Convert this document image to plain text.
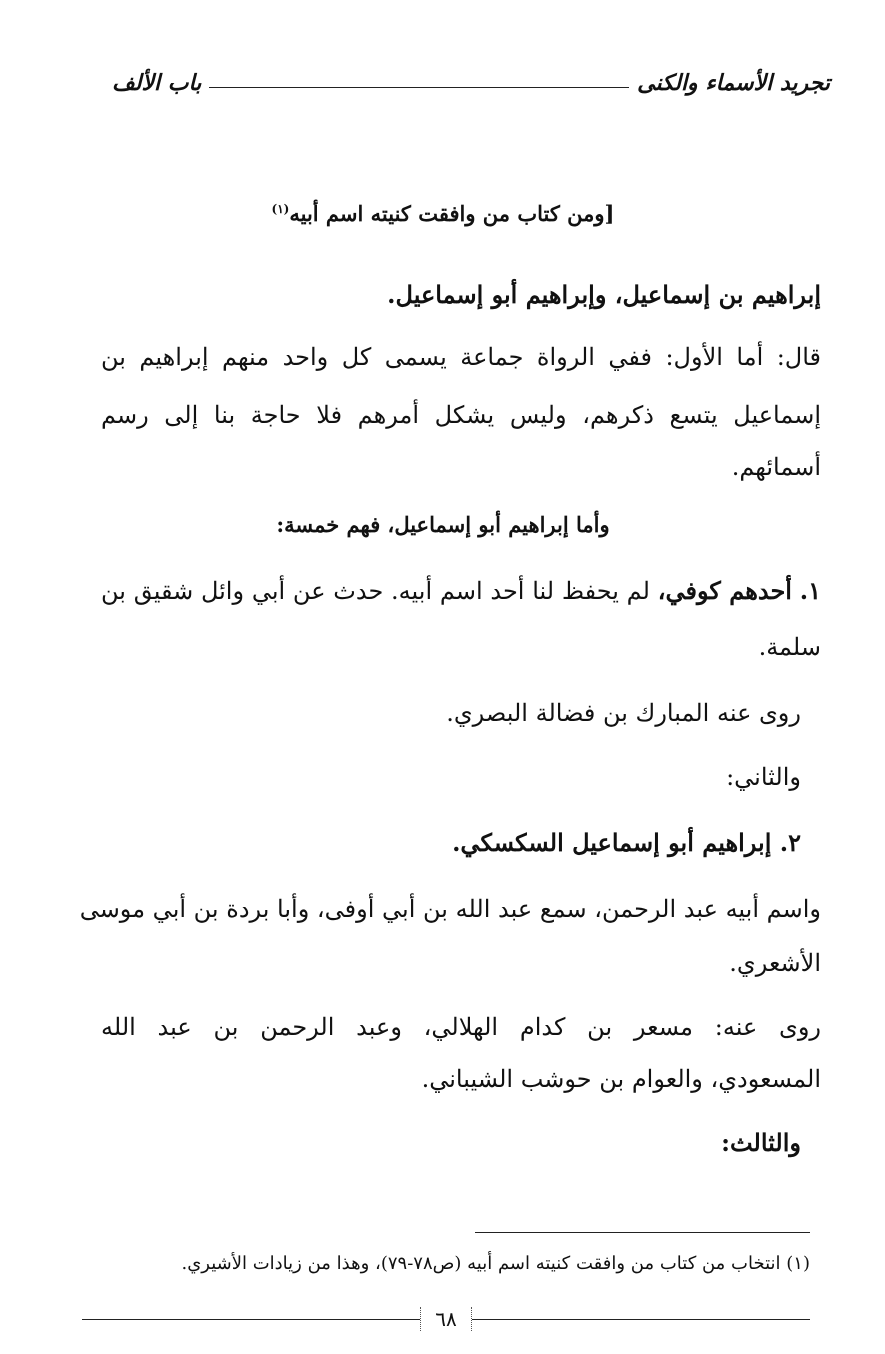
تجريد الأسماء والكنى
باب الألف
[ومن كتاب من وافقت كنيته اسم أبيه$^{(١)}$
إبراهيم بن إسماعيل، وإبراهيم أبو إسماعيل.
قال: أما الأول: ففي الرواة جماعة يسمى كل واحد منهم إبراهيم بن
إسماعيل يتسع ذكرهم، وليس يشكل أمرهم فلا حاجة بنا إلى رسم
أسمائهم.
وأما إبراهيم أبو إسماعيل، فهم خمسة:
١. أحدهم كوفي، لم يحفظ لنا أحد اسم أبيه. حدث عن أبي وائل شقيق بن
سلمة.
روى عنه المبارك بن فضالة البصري.
والثاني:
٢. إبراهيم أبو إسماعيل السكسكي.
واسم أبيه عبد الرحمن، سمع عبد الله بن أبي أوفى، وأبا بردة بن أبي موسى
الأشعري.
روى عنه: مسعر بن كدام الهلالي، وعبد الرحمن بن عبد الله
المسعودي، والعوام بن حوشب الشيباني.
والثالث:
(١) انتخاب من كتاب من وافقت كنيته اسم أبيه (ص٧٨-٧٩)، وهذا من زيادات الأشيري.
٦٨
